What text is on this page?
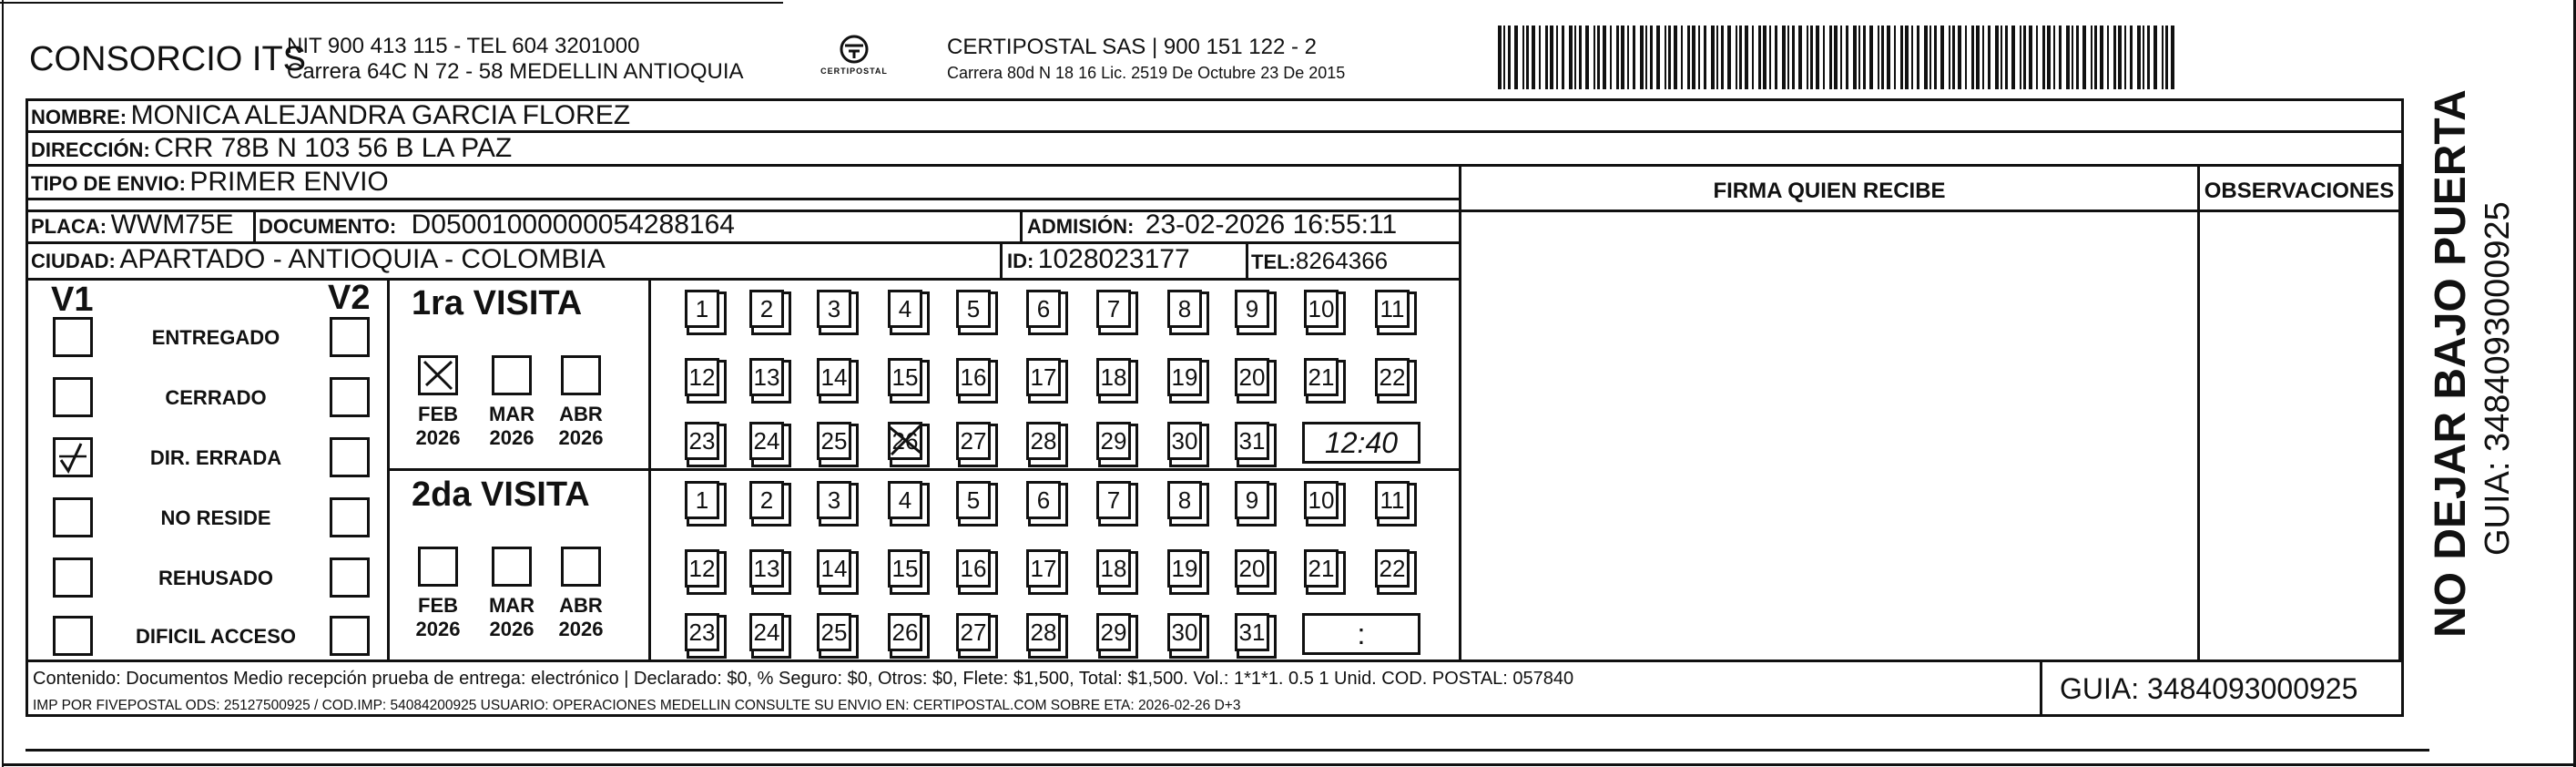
CONSORCIO ITS
NIT 900 413 115 - TEL 604 3201000
Carrera 64C N 72 - 58 MEDELLIN ANTIOQUIA	CERTIPOSTAL
CERTIPOSTAL SAS | 900 151 122 - 2
Carrera 80d N 18 16 Lic. 2519 De Octubre 23 De 2015
NOMBRE: MONICA ALEJANDRA GARCIA FLOREZ
DIRECCIÓN: CRR 78B N 103 56 B LA PAZ
TIPO DE ENVIO: PRIMER ENVIO
PLACA: WWM75E DOCUMENTO: D05001000000054288164	ADMISIÓN: 23-02-2026 16:55:11
CIUDAD: APARTADO - ANTIOQUIA - COLOMBIA	ID: 1028023177	TEL:8264366
FIRMA QUIEN RECIBE	OBSERVACIONES
V1	V2 1ra VISITA
2da VISITA
Contenido: Documentos Medio recepción prueba de entrega: electrónico | Declarado: $0, % Seguro: $0, Otros: $0, Flete: $1,500, Total: $1,500. Vol.: 1*1*1. 0.5 1 Unid. COD. POSTAL: 057840
IMP POR FIVEPOSTAL ODS: 25127500925 / COD.IMP: 54084200925 USUARIO: OPERACIONES MEDELLIN CONSULTE SU ENVIO EN: CERTIPOSTAL.COM SOBRE ETA: 2026-02-26 D+3
GUIA: 3484093000925
NO DEJAR BAJO PUERTA GUIA: 3484093000925
ENTREGADO
CERRADO
DIR. ERRADA
NO RESIDE
REHUSADO
DIFICIL ACCESO
FEB
2026
MAR
2026
ABR
2026
FEB
2026
MAR
2026
ABR
2026
1	2	3	4	5	6	7	8	9	10 11
12 13 14 15 16 17 18 19 20 21 22
23 24 25 26 27 28 29 30 31	12:40
1	2	3	4	5	6	7	8	9	10 11
12 13 14 15 16 17 18 19 20 21 22
23 24 25 26 27 28 29 30 31	:
